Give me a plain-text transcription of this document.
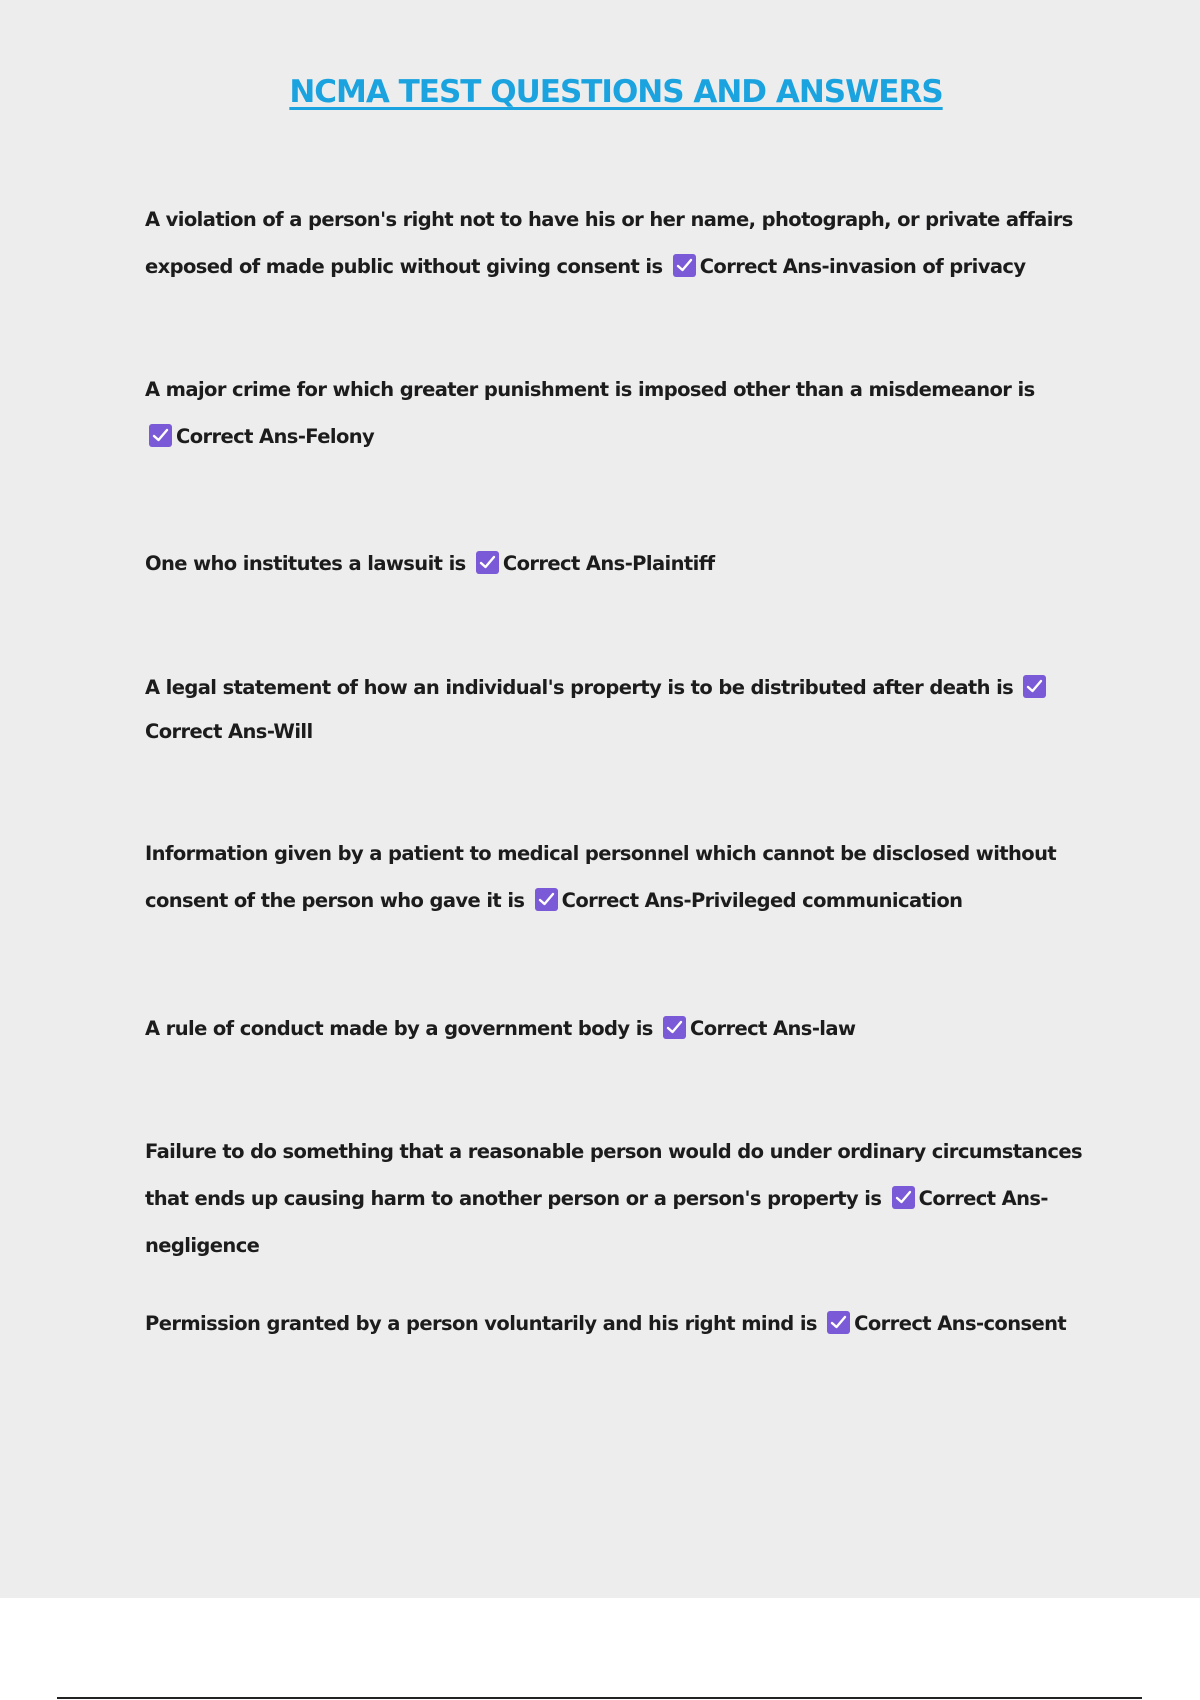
NCMA TEST QUESTIONS AND ANSWERS

A violation of a person's right not to have his or her name, photograph, or private affairs exposed of made public without giving consent is Correct Ans-invasion of privacy

A major crime for which greater punishment is imposed other than a misdemeanor is

Correct Ans-Felony

One who institutes a lawsuit is Correct Ans-Plaintiff

A legal statement of how an individual's property is to be distributed after death is
Correct Ans-Will

Information given by a patient to medical personnel which cannot be disclosed without consent of the person who gave it is Correct Ans-Privileged communication

A rule of conduct made by a government body is Correct Ans-law

Failure to do something that a reasonable person would do under ordinary circumstances that ends up causing harm to another person or a person's property is Correct Ans-negligence

Permission granted by a person voluntarily and his right mind is Correct Ans-consent
